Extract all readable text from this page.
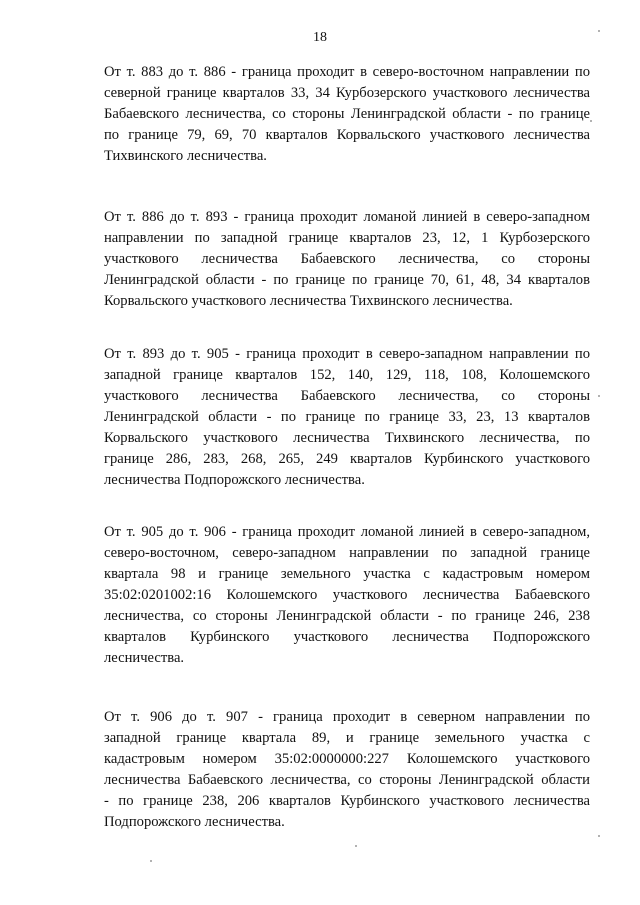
18
От т. 883 до т. 886 - граница проходит в северо-восточном направлении по
северной границе кварталов 33, 34 Курбозерского участкового лесничества
Бабаевского лесничества, со стороны Ленинградской области - по границе
по границе 79, 69, 70 кварталов Корвальского участкового лесничества
Тихвинского лесничества.
От т. 886 до т. 893 - граница проходит ломаной линией в северо-западном
направлении по западной границе кварталов 23, 12, 1 Курбозерского
участкового лесничества Бабаевского лесничества, со стороны
Ленинградской области - по границе по границе 70, 61, 48, 34 кварталов
Корвальского участкового лесничества Тихвинского лесничества.
От т. 893 до т. 905 - граница проходит в северо-западном направлении по
западной границе кварталов 152, 140, 129, 118, 108, Колошемского
участкового лесничества Бабаевского лесничества, со стороны
Ленинградской области - по границе по границе 33, 23, 13 кварталов
Корвальского участкового лесничества Тихвинского лесничества, по
границе 286, 283, 268, 265, 249 кварталов Курбинского участкового
лесничества Подпорожского лесничества.
От т. 905 до т. 906 - граница проходит ломаной линией в северо-западном,
северо-восточном, северо-западном направлении по западной границе
квартала 98 и границе земельного участка с кадастровым номером
35:02:0201002:16 Колошемского участкового лесничества Бабаевского
лесничества, со стороны Ленинградской области - по границе 246, 238
кварталов Курбинского участкового лесничества Подпорожского
лесничества.
От т. 906 до т. 907 - граница проходит в северном направлении по
западной границе квартала 89, и границе земельного участка с
кадастровым номером 35:02:0000000:227 Колошемского участкового
лесничества Бабаевского лесничества, со стороны Ленинградской области
- по границе 238, 206 кварталов Курбинского участкового лесничества
Подпорожского лесничества.
